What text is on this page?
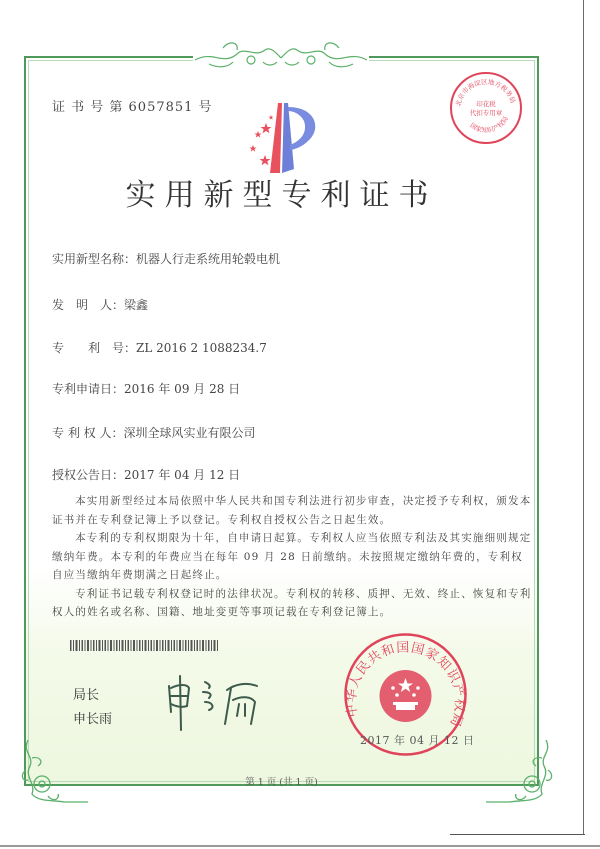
证 书 号 第 6057851 号	北京市海淀区地方税务局
国家知识产权局
印花税
代扣专用章
实用新型专利证书
实用新型名称：机器人行走系统用轮毂电机
发　明　人：梁鑫
专　　利　号：ZL 2016 2 1088234.7
专利申请日：2016 年 09 月 28 日
专 利 权 人：深圳全球风实业有限公司
授权公告日：2017 年 04 月 12 日

本实用新型经过本局依照中华人民共和国专利法进行初步审查，决定授予专利权，颁发本证书并在专利登记簿上予以登记。专利权自授权公告之日起生效。

本专利的专利权期限为十年，自申请日起算。专利权人应当依照专利法及其实施细则规定缴纳年费。本专利的年费应当在每年 09 月 28 日前缴纳。未按照规定缴纳年费的，专利权自应当缴纳年费期满之日起终止。

专利证书记载专利权登记时的法律状况。专利权的转移、质押、无效、终止、恢复和专利权人的姓名或名称、国籍、地址变更等事项记载在专利登记簿上。

局长
申长雨
中华人民共和国国家知识产权局
2017 年 04 月 12 日
第 1 页 (共 1 页)
